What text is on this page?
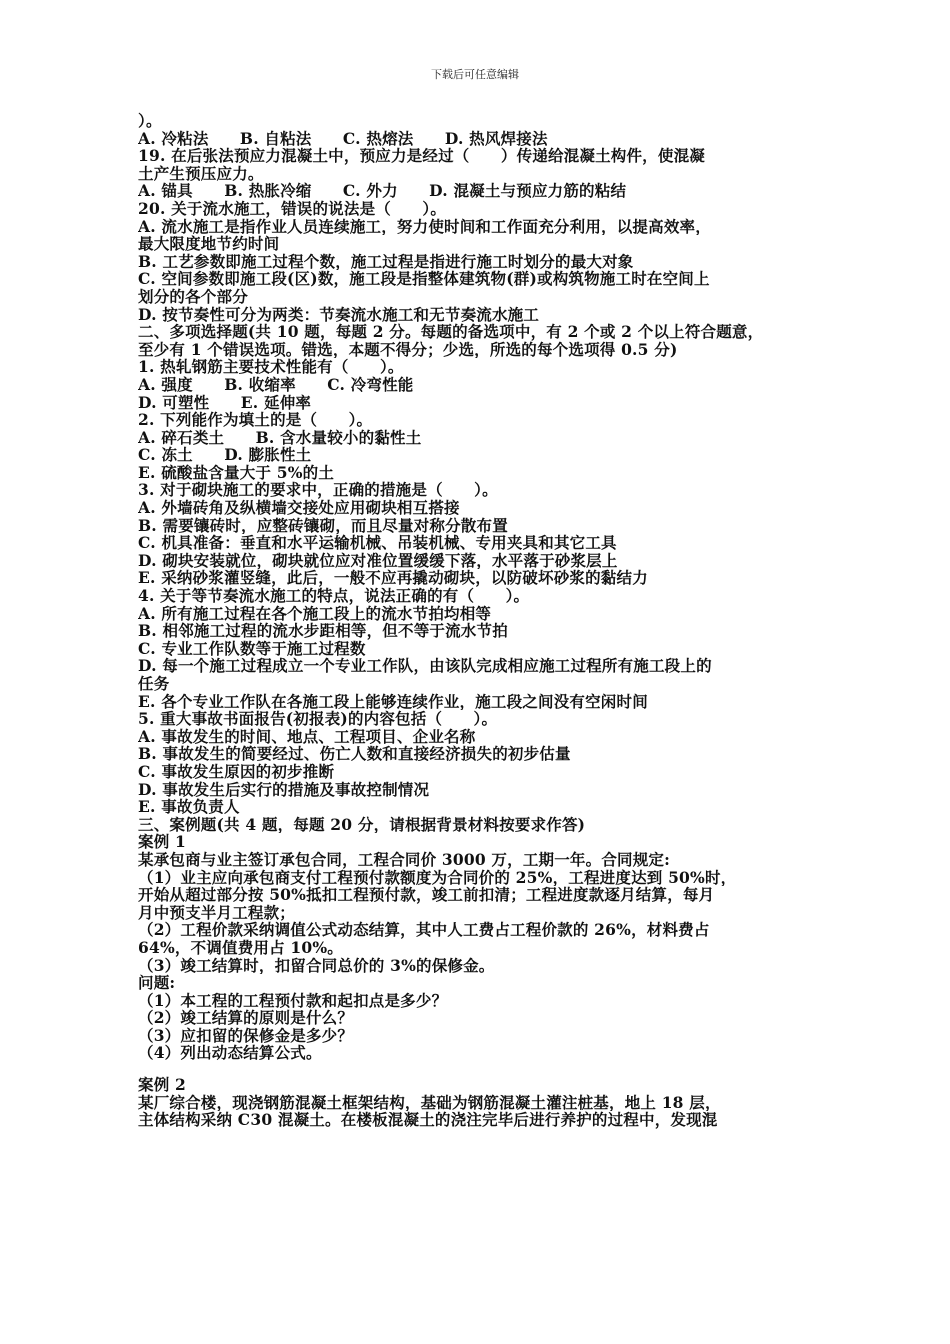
下载后可任意编辑
）。
A. 冷粘法　　B. 自粘法　　C. 热熔法　　D. 热风焊接法
19. 在后张法预应力混凝土中，预应力是经过（　　）传递给混凝土构件，使混凝
土产生预压应力。
A. 锚具　　B. 热胀冷缩　　C. 外力　　D. 混凝土与预应力筋的粘结
20. 关于流水施工，错误的说法是（　　）。
A. 流水施工是指作业人员连续施工，努力使时间和工作面充分利用，以提高效率，
最大限度地节约时间
B. 工艺参数即施工过程个数，施工过程是指进行施工时划分的最大对象
C. 空间参数即施工段(区)数，施工段是指整体建筑物(群)或构筑物施工时在空间上
划分的各个部分
D. 按节奏性可分为两类：节奏流水施工和无节奏流水施工
二、多项选择题(共 10 题，每题 2 分。每题的备选项中，有 2 个或 2 个以上符合题意，
至少有 1 个错误选项。错选，本题不得分；少选，所选的每个选项得 0.5 分)
1. 热轧钢筋主要技术性能有（　　）。
A. 强度　　B. 收缩率　　C. 冷弯性能
D. 可塑性　　E. 延伸率
2. 下列能作为填土的是（　　）。
A. 碎石类土　　B. 含水量较小的黏性土
C. 冻土　　D. 膨胀性土
E. 硫酸盐含量大于 5%的土
3. 对于砌块施工的要求中，正确的措施是（　　）。
A. 外墙砖角及纵横墙交接处应用砌块相互搭接
B. 需要镶砖时，应整砖镶砌，而且尽量对称分散布置
C. 机具准备：垂直和水平运输机械、吊装机械、专用夹具和其它工具
D. 砌块安装就位，砌块就位应对准位置缓缓下落，水平落于砂浆层上
E. 采纳砂浆灌竖缝，此后，一般不应再撬动砌块，以防破坏砂浆的黏结力
4. 关于等节奏流水施工的特点，说法正确的有（　　）。
A. 所有施工过程在各个施工段上的流水节拍均相等
B. 相邻施工过程的流水步距相等，但不等于流水节拍
C. 专业工作队数等于施工过程数
D. 每一个施工过程成立一个专业工作队，由该队完成相应施工过程所有施工段上的
任务
E. 各个专业工作队在各施工段上能够连续作业，施工段之间没有空闲时间
5. 重大事故书面报告(初报表)的内容包括（　　）。
A. 事故发生的时间、地点、工程项目、企业名称
B. 事故发生的简要经过、伤亡人数和直接经济损失的初步估量
C. 事故发生原因的初步推断
D. 事故发生后实行的措施及事故控制情况
E. 事故负责人
三、案例题(共 4 题，每题 20 分，请根据背景材料按要求作答)
案例 1
某承包商与业主签订承包合同，工程合同价 3000 万，工期一年。合同规定:
（1）业主应向承包商支付工程预付款额度为合同价的 25%，工程进度达到 50%时，
开始从超过部分按 50%抵扣工程预付款，竣工前扣清；工程进度款逐月结算，每月
月中预支半月工程款；
（2）工程价款采纳调值公式动态结算，其中人工费占工程价款的 26%，材料费占
64%，不调值费用占 10%。
（3）竣工结算时，扣留合同总价的 3%的保修金。
问题:
（1）本工程的工程预付款和起扣点是多少？
（2）竣工结算的原则是什么？
（3）应扣留的保修金是多少？
（4）列出动态结算公式。
案例 2
某厂综合楼，现浇钢筋混凝土框架结构，基础为钢筋混凝土灌注桩基，地上 18 层，
主体结构采纳 C30 混凝土。在楼板混凝土的浇注完毕后进行养护的过程中，发现混
